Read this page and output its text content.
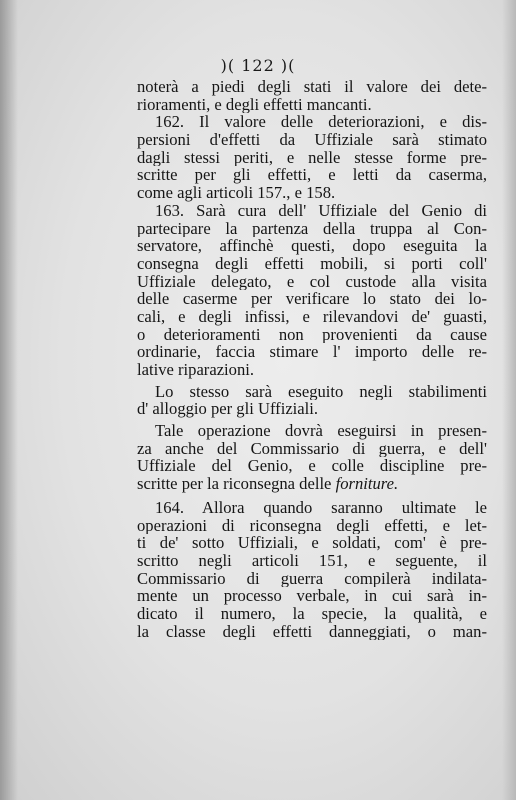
)( 122 )(
noterà a piedi degli stati il valore dei dete-
rioramenti, e degli effetti mancanti.
162. Il valore delle deteriorazioni, e dis-
persioni d'effetti da Uffiziale sarà stimato
dagli stessi periti, e nelle stesse forme pre-
scritte per gli effetti, e letti da caserma,
come agli articoli 157., e 158.
163. Sarà cura dell' Uffiziale del Genio di
partecipare la partenza della truppa al Con-
servatore, affinchè questi, dopo eseguita la
consegna degli effetti mobili, si porti coll'
Uffiziale delegato, e col custode alla visita
delle caserme per verificare lo stato dei lo-
cali, e degli infissi, e rilevandovi de' guasti,
o deterioramenti non provenienti da cause
ordinarie, faccia stimare l' importo delle re-
lative riparazioni.
Lo stesso sarà eseguito negli stabilimenti
d' alloggio per gli Uffiziali.
Tale operazione dovrà eseguirsi in presen-
za anche del Commissario di guerra, e dell'
Uffiziale del Genio, e colle discipline pre-
scritte per la riconsegna delle forniture.
164. Allora quando saranno ultimate le
operazioni di riconsegna degli effetti, e let-
ti de' sotto Uffiziali, e soldati, com' è pre-
scritto negli articoli 151, e seguente, il
Commissario di guerra compilerà indilata-
mente un processo verbale, in cui sarà in-
dicato il numero, la specie, la qualità, e
la classe degli effetti danneggiati, o man-
